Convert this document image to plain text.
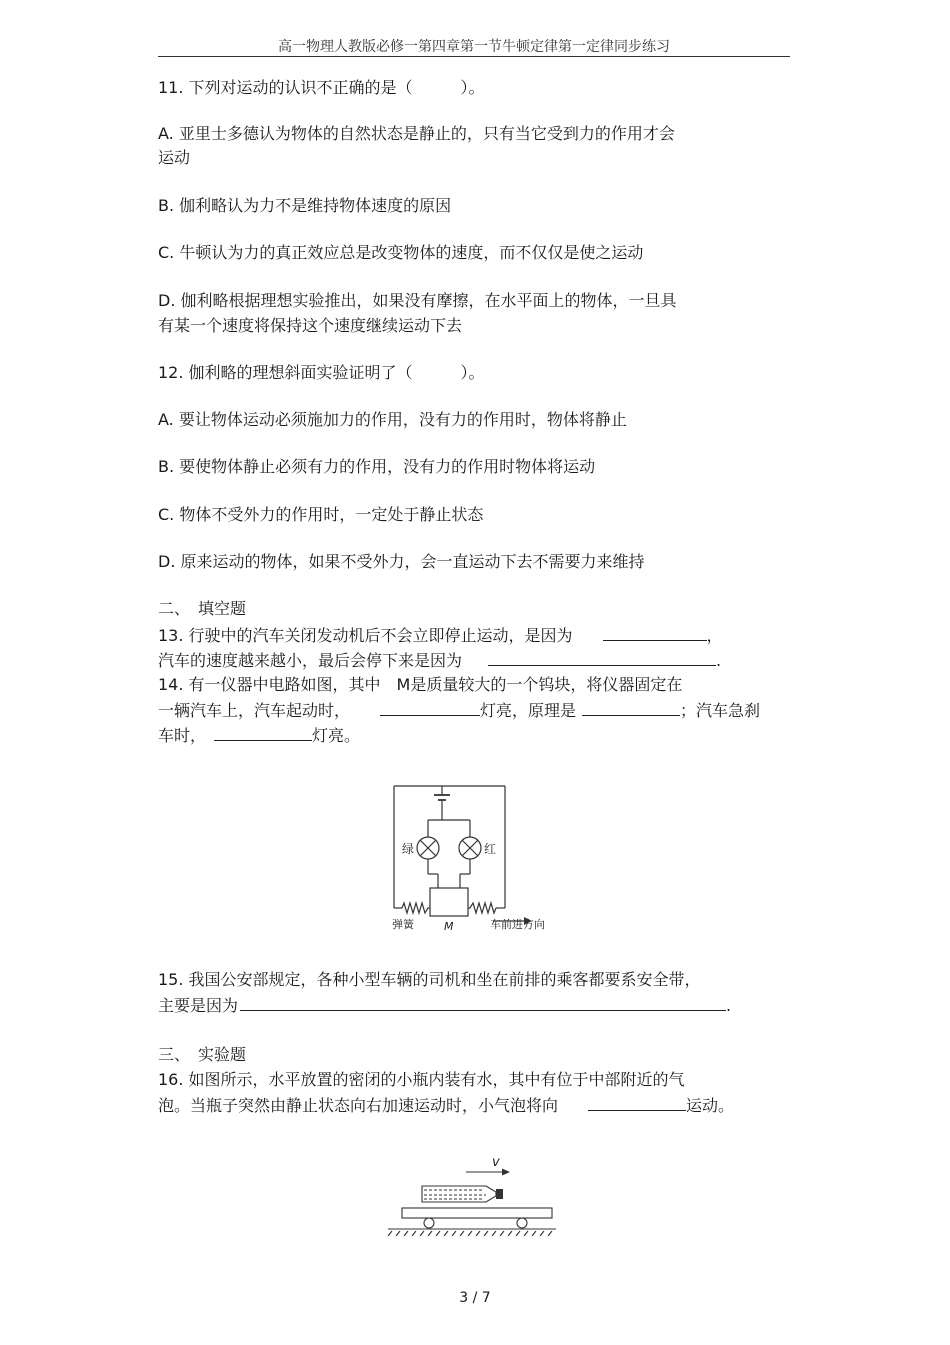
高一物理人教版必修一第四章第一节牛顿定律第一定律同步练习
11. 下列对运动的认识不正确的是（　　　）。
A. 亚里士多德认为物体的自然状态是静止的，只有当它受到力的作用才会
运动
B. 伽利略认为力不是维持物体速度的原因
C. 牛顿认为力的真正效应总是改变物体的速度，而不仅仅是使之运动
D. 伽利略根据理想实验推出，如果没有摩擦，在水平面上的物体，一旦具
有某一个速度将保持这个速度继续运动下去
12. 伽利略的理想斜面实验证明了（　　　）。
A. 要让物体运动必须施加力的作用，没有力的作用时，物体将静止
B. 要使物体静止必须有力的作用，没有力的作用时物体将运动
C. 物体不受外力的作用时，一定处于静止状态
D. 原来运动的物体，如果不受外力，会一直运动下去不需要力来维持
二、　填空题
13. 行驶中的汽车关闭发动机后不会立即停止运动，是因为	，
汽车的速度越来越小，最后会停下来是因为	.
14. 有一仪器中电路如图，其中　M是质量较大的一个钨块，将仪器固定在
一辆汽车上，汽车起动时，	灯亮，原理是	；汽车急刹
车时，	灯亮。
绿	红
弹簧	M	车前进方向
15. 我国公安部规定，各种小型车辆的司机和坐在前排的乘客都要系安全带，
主要是因为	.
三、　实验题
16. 如图所示，水平放置的密闭的小瓶内装有水，其中有位于中部附近的气
泡。当瓶子突然由静止状态向右加速运动时，小气泡将向	运动。
v
3 / 7
